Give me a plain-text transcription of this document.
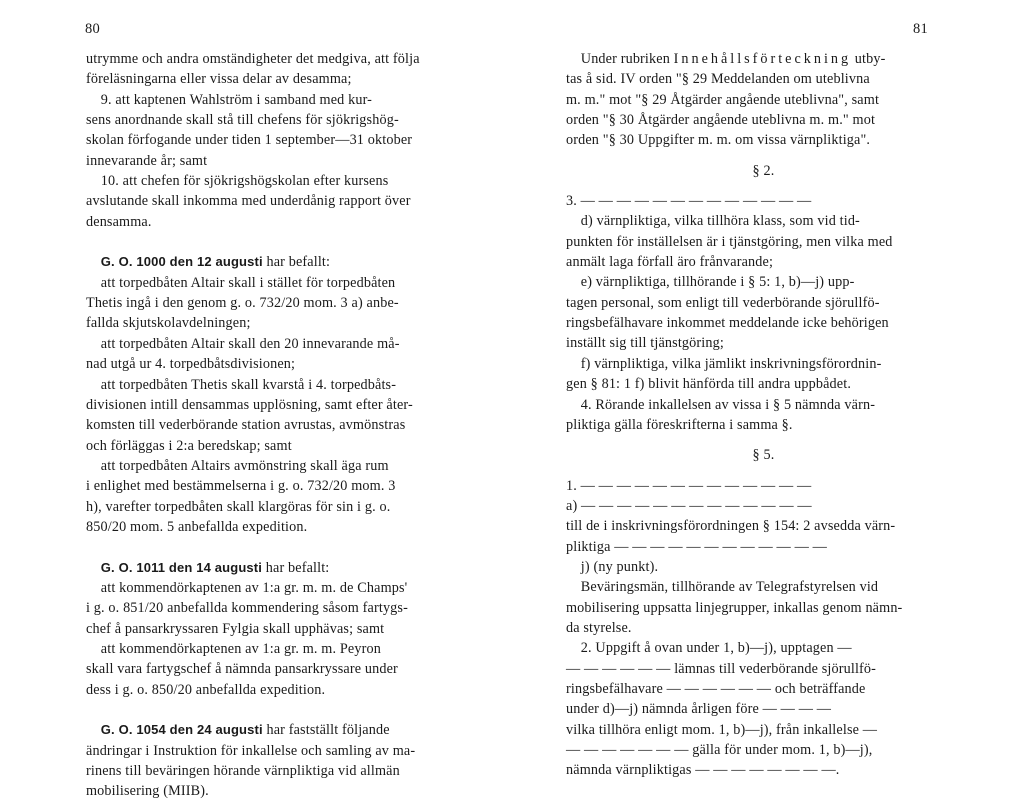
80
utrymme och andra omständigheter det medgiva, att följa
föreläsningarna eller vissa delar av desamma;
9. att kaptenen Wahlström i samband med kur-
sens anordnande skall stå till chefens för sjökrigshög-
skolan förfogande under tiden 1 september—31 oktober
innevarande år; samt
10. att chefen för sjökrigshögskolan efter kursens
avslutande skall inkomma med underdånig rapport över
densamma.
G. O. 1000 den 12 augusti har befallt:
att torpedbåten Altair skall i stället för torpedbåten
Thetis ingå i den genom g. o. 732/20 mom. 3 a) anbe-
fallda skjutskolavdelningen;
att torpedbåten Altair skall den 20 innevarande må-
nad utgå ur 4. torpedbåtsdivisionen;
att torpedbåten Thetis skall kvarstå i 4. torpedbåts-
divisionen intill densammas upplösning, samt efter åter-
komsten till vederbörande station avrustas, avmönstras
och förläggas i 2:a beredskap; samt
att torpedbåten Altairs avmönstring skall äga rum
i enlighet med bestämmelserna i g. o. 732/20 mom. 3
h), varefter torpedbåten skall klargöras för sin i g. o.
850/20 mom. 5 anbefallda expedition.
G. O. 1011 den 14 augusti har befallt:
att kommendörkaptenen av 1:a gr. m. m. de Champs'
i g. o. 851/20 anbefallda kommendering såsom fartygs-
chef å pansarkryssaren Fylgia skall upphävas; samt
att kommendörkaptenen av 1:a gr. m. m. Peyron
skall vara fartygschef å nämnda pansarkryssare under
dess i g. o. 850/20 anbefallda expedition.
G. O. 1054 den 24 augusti har fastställt följande
ändringar i Instruktion för inkallelse och samling av ma-
rinens till beväringen hörande värnpliktiga vid allmän
mobilisering (MIIB).
81
Under rubriken Innehållsförteckning utby-
tas å sid. IV orden "§ 29 Meddelanden om uteblivna
m. m." mot "§ 29 Åtgärder angående uteblivna", samt
orden "§ 30 Åtgärder angående uteblivna m. m." mot
orden "§ 30 Uppgifter m. m. om vissa värnpliktiga".
§ 2.
3. — — — — — — — — — — — — —
d) värnpliktiga, vilka tillhöra klass, som vid tid-
punkten för inställelsen är i tjänstgöring, men vilka med
anmält laga förfall äro frånvarande;
e) värnpliktiga, tillhörande i § 5: 1, b)—j) upp-
tagen personal, som enligt till vederbörande sjörullfö-
ringsbefälhavare inkommet meddelande icke behörigen
inställt sig till tjänstgöring;
f) värnpliktiga, vilka jämlikt inskrivningsförordnin-
gen § 81: 1 f) blivit hänförda till andra uppbådet.
4. Rörande inkallelsen av vissa i § 5 nämnda värn-
pliktiga gälla föreskrifterna i samma §.
§ 5.
1. — — — — — — — — — — — — —
a) — — — — — — — — — — — — —
till de i inskrivningsförordningen § 154: 2 avsedda värn-
pliktiga — — — — — — — — — — — —
j) (ny punkt).
Beväringsmän, tillhörande av Telegrafstyrelsen vid
mobilisering uppsatta linjegrupper, inkallas genom nämn-
da styrelse.
2. Uppgift å ovan under 1, b)—j), upptagen —
— — — — — — lämnas till vederbörande sjörullfö-
ringsbefälhavare — — — — — — och beträffande
under d)—j) nämnda årligen före — — — —
vilka tillhöra enligt mom. 1, b)—j), från inkallelse —
— — — — — — — gälla för under mom. 1, b)—j),
nämnda värnpliktigas — — — — — — — —.
